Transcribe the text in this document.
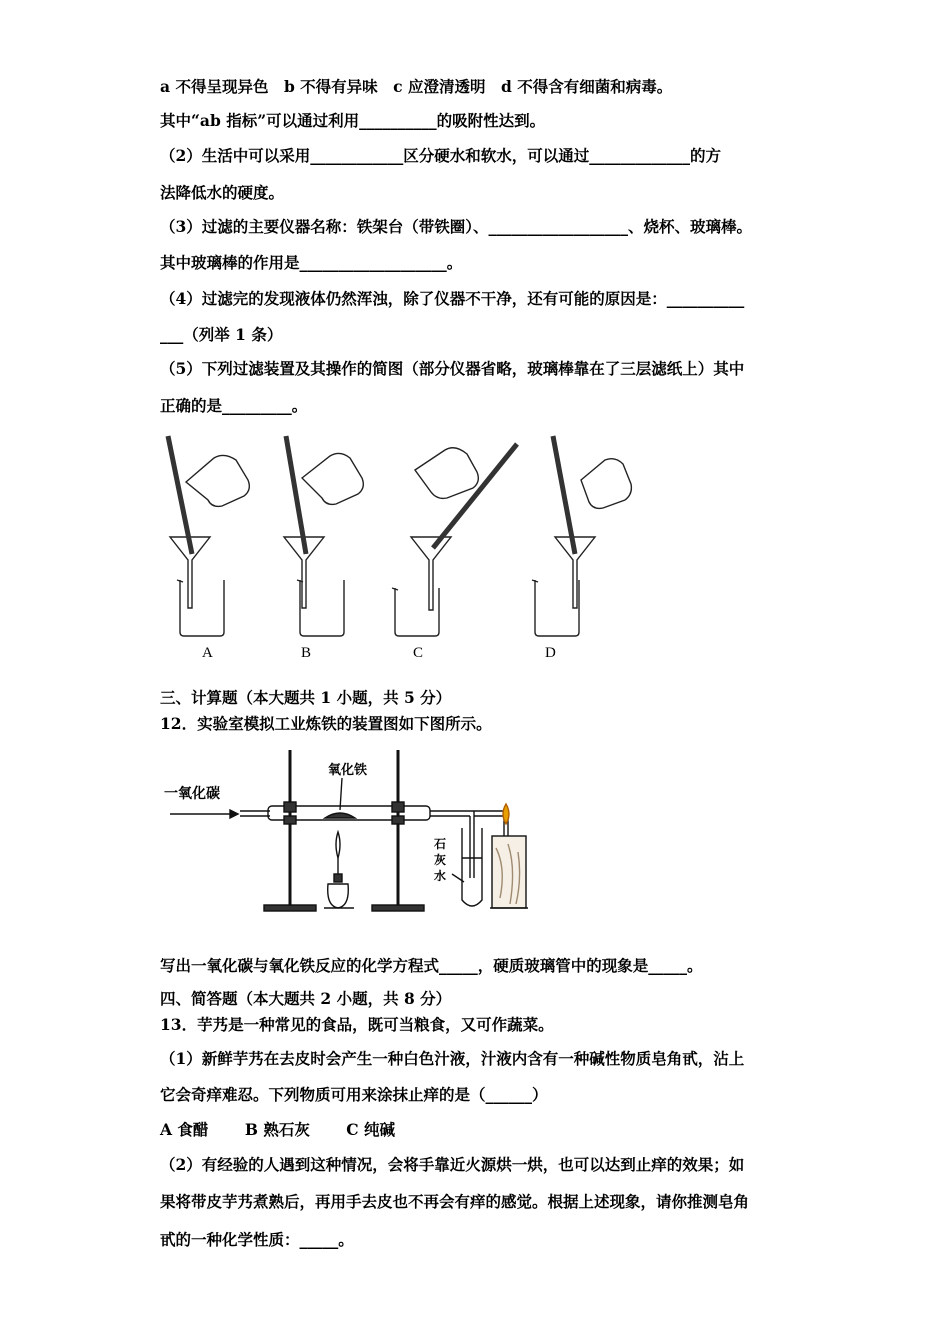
a 不得呈现异色　b 不得有异味　c 应澄清透明　d 不得含有细菌和病毒。
其中“ab 指标”可以通过利用__________的吸附性达到。
（2）生活中可以采用____________区分硬水和软水，可以通过_____________的方
法降低水的硬度。
（3）过滤的主要仪器名称：铁架台（带铁圈）、__________________、烧杯、玻璃棒。
其中玻璃棒的作用是___________________。
（4）过滤完的发现液体仍然浑浊，除了仪器不干净，还有可能的原因是：__________
___（列举 1 条）
（5）下列过滤装置及其操作的简图（部分仪器省略，玻璃棒靠在了三层滤纸上）其中
正确的是_________。
A	B	C	D
三、计算题（本大题共 1 小题，共 5 分）
12．实验室模拟工业炼铁的装置图如下图所示。
一氧化碳
氧化铁
石
灰
水
写出一氧化碳与氧化铁反应的化学方程式_____，硬质玻璃管中的现象是_____。
四、简答题（本大题共 2 小题，共 8 分）
13．芋艿是一种常见的食品，既可当粮食，又可作蔬菜。
（1）新鲜芋艿在去皮时会产生一种白色汁液，汁液内含有一种碱性物质皂角甙，沾上
它会奇痒难忍。下列物质可用来涂抹止痒的是（______）
A 食醋　　 B 熟石灰　　 C 纯碱
（2）有经验的人遇到这种情况，会将手靠近火源烘一烘，也可以达到止痒的效果；如
果将带皮芋艿煮熟后，再用手去皮也不再会有痒的感觉。根据上述现象，请你推测皂角
甙的一种化学性质：_____。
